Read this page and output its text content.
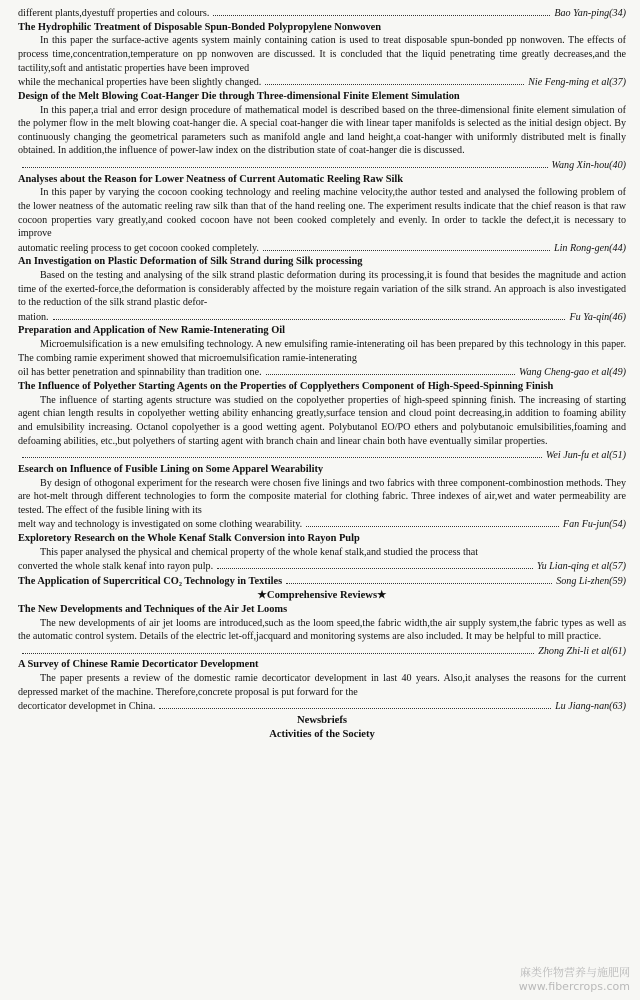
different plants,dyestuff properties and colours.	Bao Yan-ping(34)

The Hydrophilic Treatment of Disposable Spun-Bonded Polypropylene Nonwoven

In this paper the surface-active agents system mainly containing cation is used to treat disposable spun-bonded pp nonwoven. The effects of process time,concentration,temperature on pp nonwoven are discussed. It is concluded that the liquid penetrating time greatly decreases,and the tactility,soft and antistatic properties have been improved

while the mechanical properties have been slightly changed.	Nie Feng-ming et al(37)

Design of the Melt Blowing Coat-Hanger Die through Three-dimensional Finite Element Simulation

In this paper,a trial and error design procedure of mathematical model is described based on the three-dimensional finite element simulation of the polymer flow in the melt blowing coat-hanger die. A special coat-hanger die with linear taper manifolds is selected as the initial design object. By continuously changing the geometrical parameters such as manifold angle and land height,a coat-hanger with uniformly distributed melt is finally obtained. In addition,the influence of power-law index on the distribution state of coat-hanger die is discussed.

Wang Xin-hou(40)

Analyses about the Reason for Lower Neatness of Current Automatic Reeling Raw Silk

In this paper by varying the cocoon cooking technology and reeling machine velocity,the author tested and analysed the following problem of the lower neatness of the automatic reeling raw silk than that of the hand reeling one. The experiment results indicate that the chief reason is that raw cocoon properties vary greatly,and cooked cocoon have not been cooked completely and evenly. In order to tackle the defect,it is necessary to improve

automatic reeling process to get cocoon cooked completely.	Lin Rong-gen(44)

An Investigation on Plastic Deformation of Silk Strand during Silk processing

Based on the testing and analysing of the silk strand plastic deformation during its processing,it is found that besides the magnitude and action time of the exerted-force,the deformation is considerably affected by the moisture regain variation of the silk strand. An approach is also investigated to the reduction of the silk strand plastic defor-

mation.	Fu Ya-qin(46)

Preparation and Application of New Ramie-Intenerating Oil

Microemulsification is a new emulsifing technology. A new emulsifing ramie-intenerating oil has been prepared by this technology in this paper. The combing ramie experiment showed that microemulsification ramie-intenerating

oil has better penetration and spinnability than tradition one.	Wang Cheng-gao et al(49)

The Influence of Polyether Starting Agents on the Properties of Copplyethers Component of High-Speed-Spinning Finish

The influence of starting agents structure was studied on the copolyether properties of high-speed spinning finish. The increasing of starting agent chian length results in copolyether wetting ability enhancing greatly,surface tension and cloud point decreasing,in addition to foaming ability and emulsibility increasing. Octanol copolyether is a good wetting agent. Polybutanol EO/PO ethers and polybutanoic emulsibilities,foaming and defoaming abilities, etc.,but polyethers of starting agent with branch chain and linear chain both have eventually similar properties.

Wei Jun-fu et al(51)

Esearch on Influence of Fusible Lining on Some Apparel Wearability

By design of othogonal experiment for the research were chosen five linings and two fabrics with three component-combinostion methods. They are hot-melt through different technologies to form the composite material for clothing fabric. Three indexes of air,wet and water permeability are tested. The effect of the fusible lining with its

melt way and technology is investigated on some clothing wearability.	Fan Fu-jun(54)

Exploretory Research on the Whole Kenaf Stalk Conversion into Rayon Pulp

This paper analysed the physical and chemical property of the whole kenaf stalk,and studied the process that

converted the whole stalk kenaf into rayon pulp.	Yu Lian-qing et al(57)
The Application of Supercritical CO₂ Technology in Textiles	Song Li-zhen(59)

★Comprehensive Reviews★

The New Developments and Techniques of the Air Jet Looms

The new developments of air jet looms are introduced,such as the loom speed,the fabric width,the air supply system,the fabric types as well as the automatic control system. Details of the electric let-off,jacquard and monitoring systems are also included. It may be helpful to mill practice.

Zhong Zhi-li et al(61)

A Survey of Chinese Ramie Decorticator Development

The paper presents a review of the domestic ramie decorticator development in last 40 years. Also,it analyses the reasons for the current depressed market of the machine. Therefore,concrete proposal is put forward for the

decorticator developmet in China.	Lu Jiang-nan(63)

Newsbriefs

Activities of the Society

麻类作物营养与施肥网
www.fibercrops.com
